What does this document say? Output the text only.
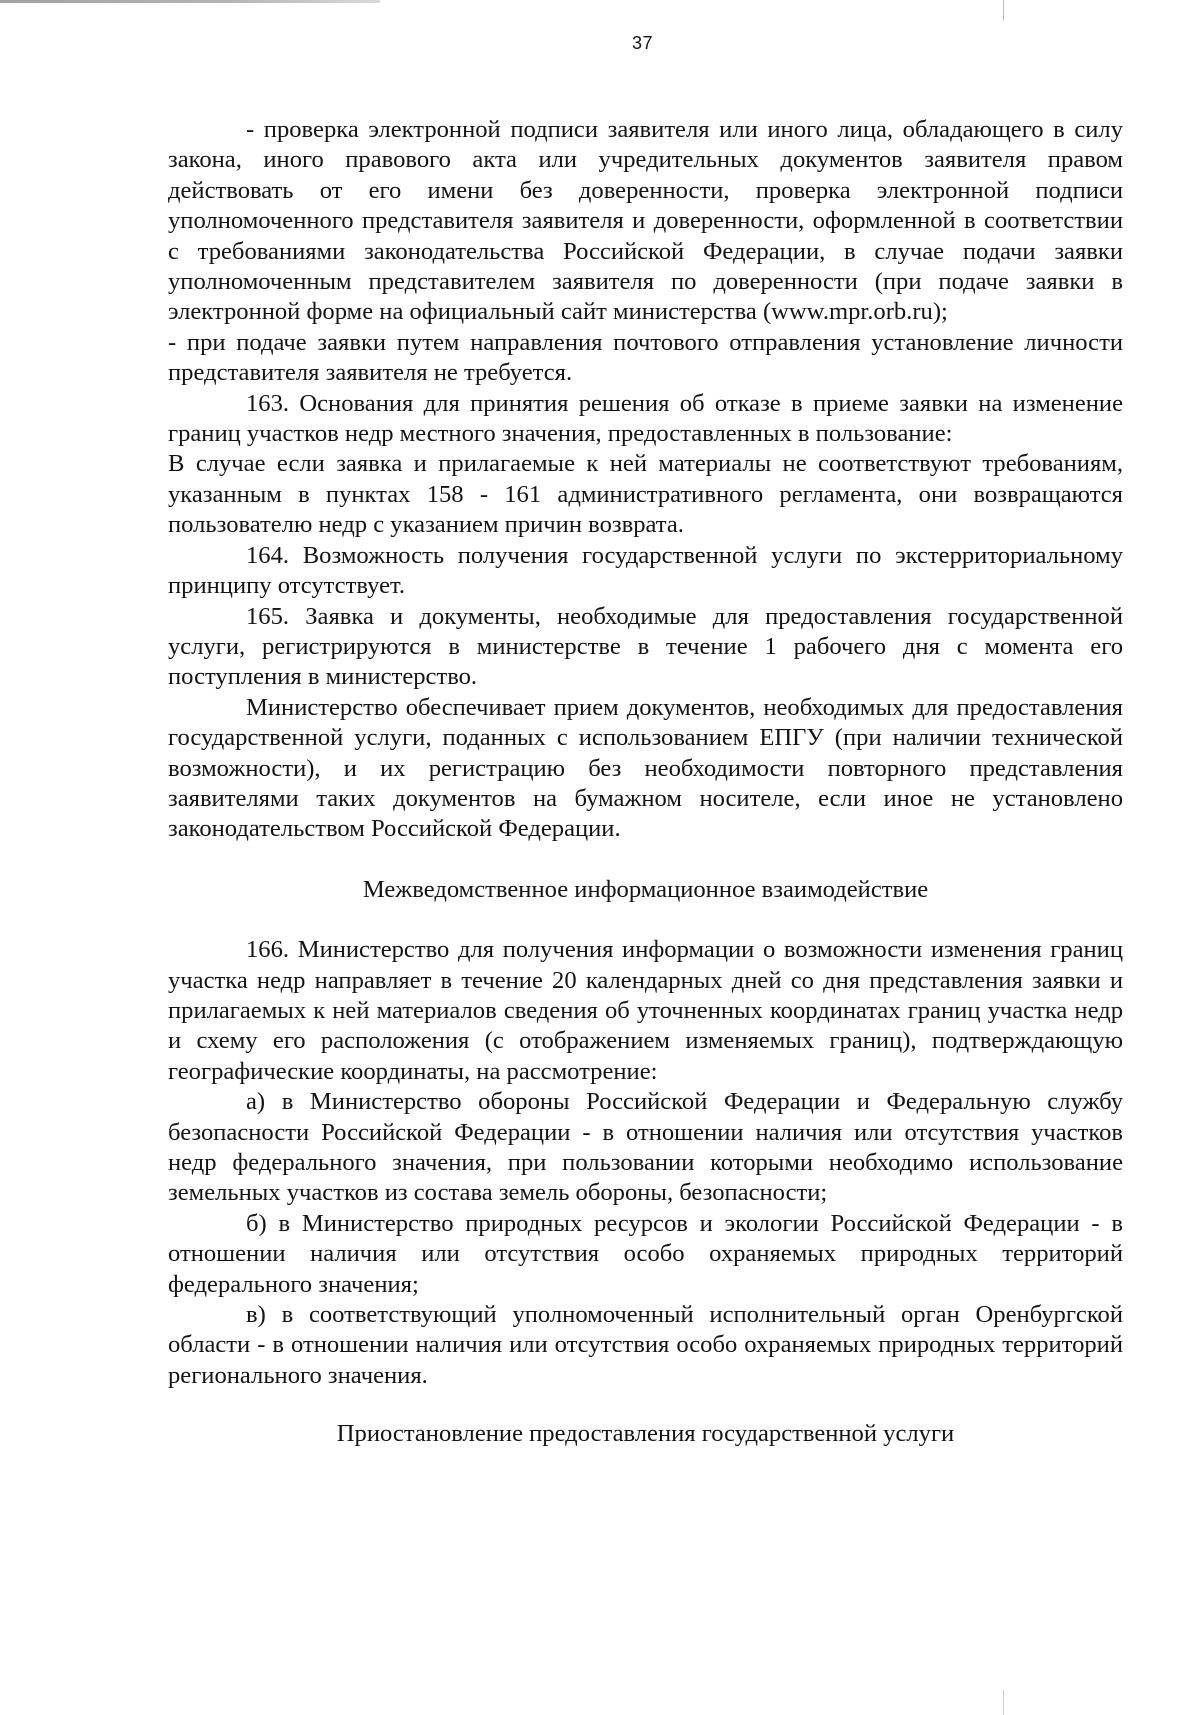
37

- проверка электронной подписи заявителя или иного лица, обладающего в силу закона, иного правового акта или учредительных документов заявителя правом действовать от его имени без доверенности, проверка электронной подписи уполномоченного представителя заявителя и доверенности, оформленной в соответствии с требованиями законодательства Российской Федерации, в случае подачи заявки уполномоченным представителем заявителя по доверенности (при подаче заявки в электронной форме на официальный сайт министерства (www.mpr.orb.ru);

- при подаче заявки путем направления почтового отправления установление личности представителя заявителя не требуется.

163. Основания для принятия решения об отказе в приеме заявки на изменение границ участков недр местного значения, предоставленных в пользование:

В случае если заявка и прилагаемые к ней материалы не соответствуют требованиям, указанным в пунктах 158 - 161 административного регламента, они возвращаются пользователю недр с указанием причин возврата.

164. Возможность получения государственной услуги по экстерриториальному принципу отсутствует.

165. Заявка и документы, необходимые для предоставления государственной услуги, регистрируются в министерстве в течение 1 рабочего дня с момента его поступления в министерство.

Министерство обеспечивает прием документов, необходимых для предоставления государственной услуги, поданных с использованием ЕПГУ (при наличии технической возможности), и их регистрацию без необходимости повторного представления заявителями таких документов на бумажном носителе, если иное не установлено законодательством Российской Федерации.

Межведомственное информационное взаимодействие

166. Министерство для получения информации о возможности изменения границ участка недр направляет в течение 20 календарных дней со дня представления заявки и прилагаемых к ней материалов сведения об уточненных координатах границ участка недр и схему его расположения (с отображением изменяемых границ), подтверждающую географические координаты, на рассмотрение:

а) в Министерство обороны Российской Федерации и Федеральную службу безопасности Российской Федерации - в отношении наличия или отсутствия участков недр федерального значения, при пользовании которыми необходимо использование земельных участков из состава земель обороны, безопасности;

б) в Министерство природных ресурсов и экологии Российской Федерации - в отношении наличия или отсутствия особо охраняемых природных территорий федерального значения;

в) в соответствующий уполномоченный исполнительный орган Оренбургской области - в отношении наличия или отсутствия особо охраняемых природных территорий регионального значения.

Приостановление предоставления государственной услуги
